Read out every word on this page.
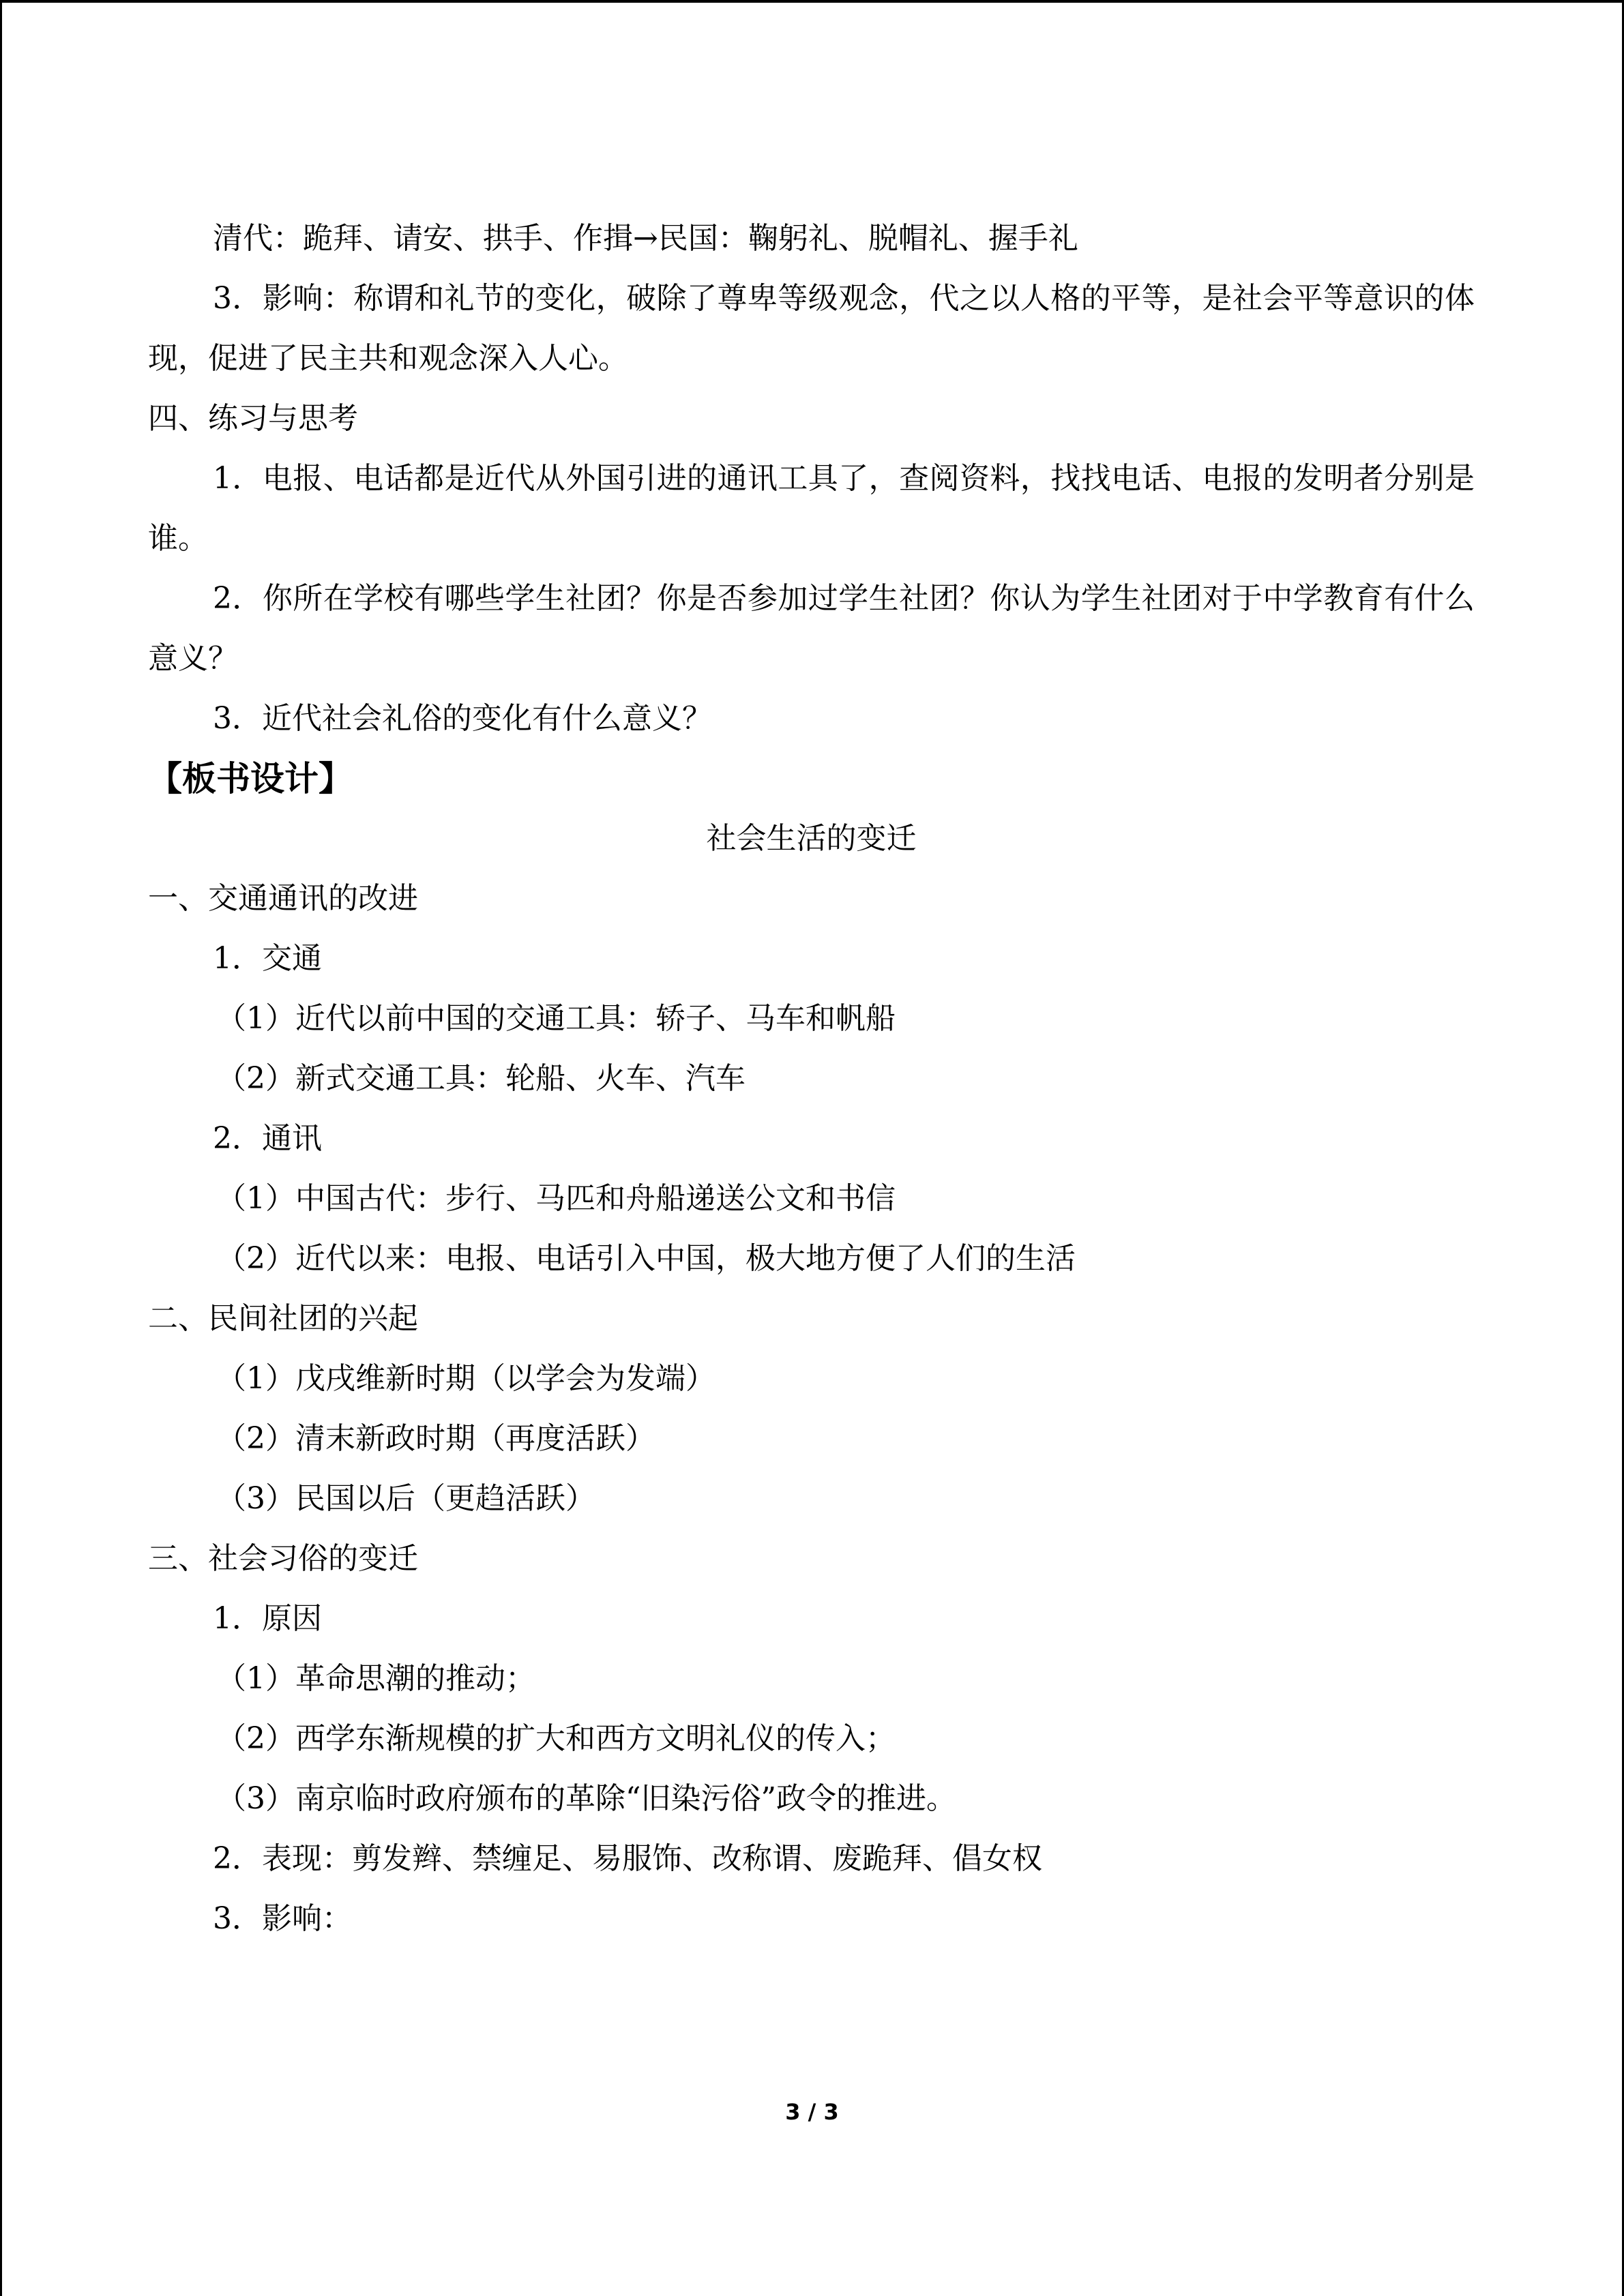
清代：跪拜、请安、拱手、作揖→民国：鞠躬礼、脱帽礼、握手礼
3．影响：称谓和礼节的变化，破除了尊卑等级观念，代之以人格的平等，是社会平等意识的体现，促进了民主共和观念深入人心。
四、练习与思考
1．电报、电话都是近代从外国引进的通讯工具了，查阅资料，找找电话、电报的发明者分别是谁。
2．你所在学校有哪些学生社团？你是否参加过学生社团？你认为学生社团对于中学教育有什么意义？
3．近代社会礼俗的变化有什么意义？
【板书设计】
社会生活的变迁
一、交通通讯的改进
1．交通
（1）近代以前中国的交通工具：轿子、马车和帆船
（2）新式交通工具：轮船、火车、汽车
2．通讯
（1）中国古代：步行、马匹和舟船递送公文和书信
（2）近代以来：电报、电话引入中国，极大地方便了人们的生活
二、民间社团的兴起
（1）戊戌维新时期（以学会为发端）
（2）清末新政时期（再度活跃）
（3）民国以后（更趋活跃）
三、社会习俗的变迁
1．原因
（1）革命思潮的推动；
（2）西学东渐规模的扩大和西方文明礼仪的传入；
（3）南京临时政府颁布的革除“旧染污俗”政令的推进。
2．表现：剪发辫、禁缠足、易服饰、改称谓、废跪拜、倡女权
3．影响：
3 / 3
